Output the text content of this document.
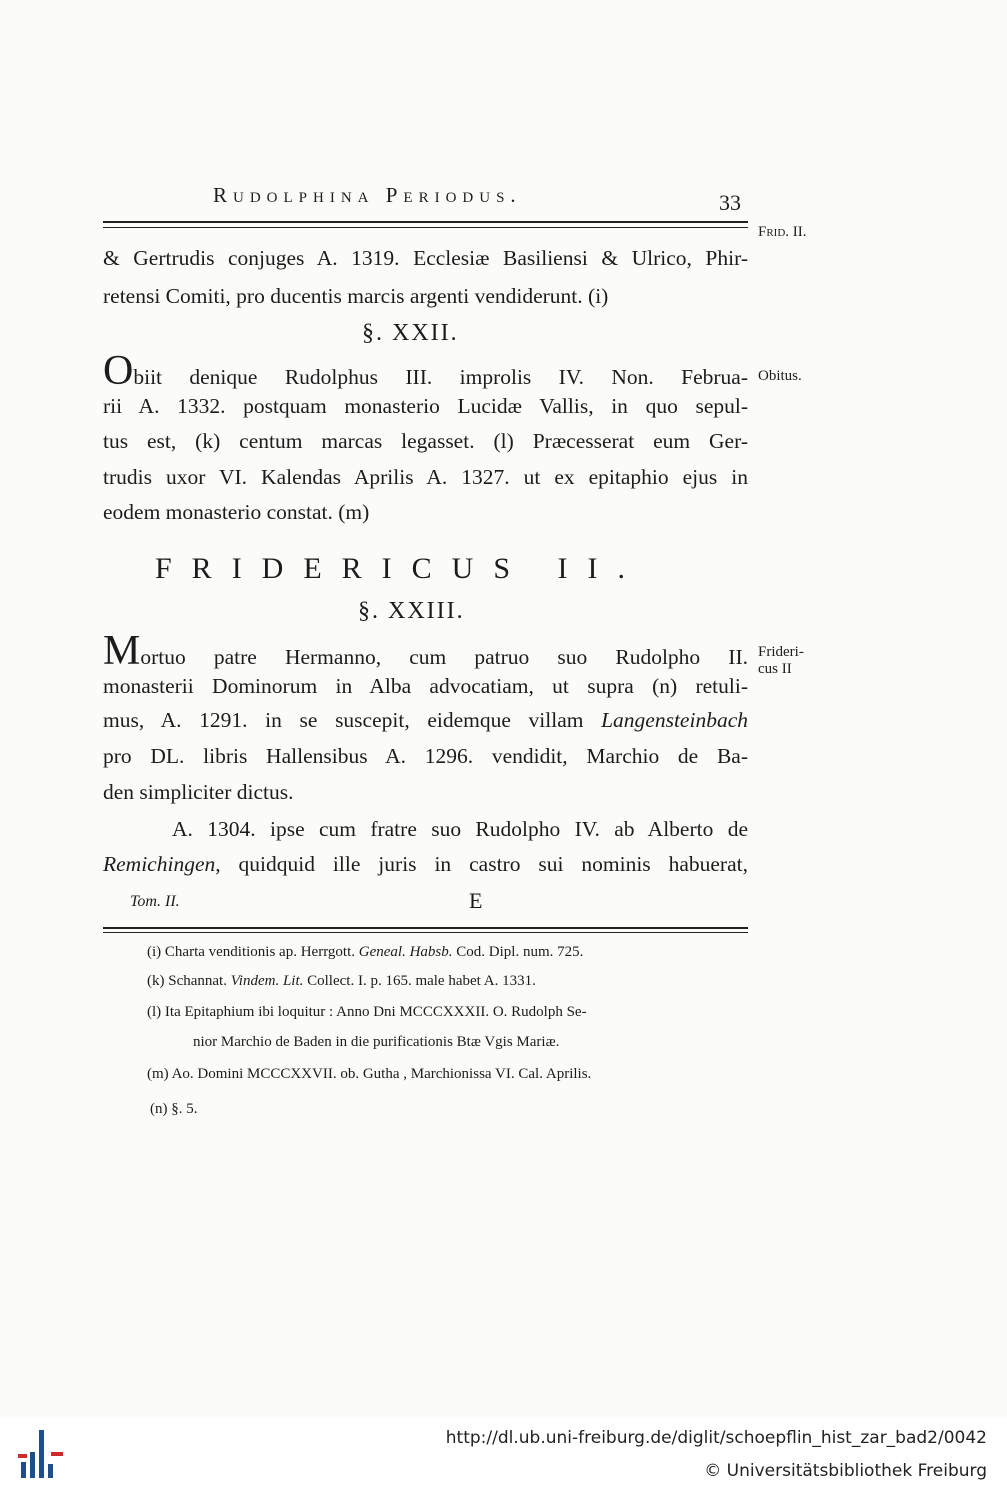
Rudolphina Periodus.	33
Frid. II.
Obitus.
Frideri-
cus II
& Gertrudis conjuges A. 1319. Ecclesiæ Basiliensi & Ulrico, Phir-
retensi Comiti, pro ducentis marcis argenti vendiderunt. (i)
§. XXII.
Obiit denique Rudolphus III. improlis IV. Non. Februa-
rii A. 1332. postquam monasterio Lucidæ Vallis, in quo sepul-
tus est, (k) centum marcas legasset. (l) Præcesserat eum Ger-
trudis uxor VI. Kalendas Aprilis A. 1327. ut ex epitaphio ejus in
eodem monasterio constat. (m)
FRIDERICUS II.
§. XXIII.
Mortuo patre Hermanno, cum patruo suo Rudolpho II.
monasterii Dominorum in Alba advocatiam, ut supra (n) retuli-
mus, A. 1291. in se suscepit, eidemque villam Langensteinbach
pro DL. libris Hallensibus A. 1296. vendidit, Marchio de Ba-
den simpliciter dictus.
A. 1304. ipse cum fratre suo Rudolpho IV. ab Alberto de
Remichingen, quidquid ille juris in castro sui nominis habuerat,
Tom. II.	E
(i) Charta venditionis ap. Herrgott. Geneal. Habsb. Cod. Dipl. num. 725.
(k) Schannat. Vindem. Lit. Collect. I. p. 165. male habet A. 1331.
(l) Ita Epitaphium ibi loquitur : Anno Dni MCCCXXXII. O. Rudolph Se-
nior Marchio de Baden in die purificationis Btæ Vgis Mariæ.
(m) Ao. Domini MCCCXXVII. ob. Gutha , Marchionissa VI. Cal. Aprilis.
(n) §. 5.
http://dl.ub.uni-freiburg.de/diglit/schoepflin_hist_zar_bad2/0042
© Universitätsbibliothek Freiburg
